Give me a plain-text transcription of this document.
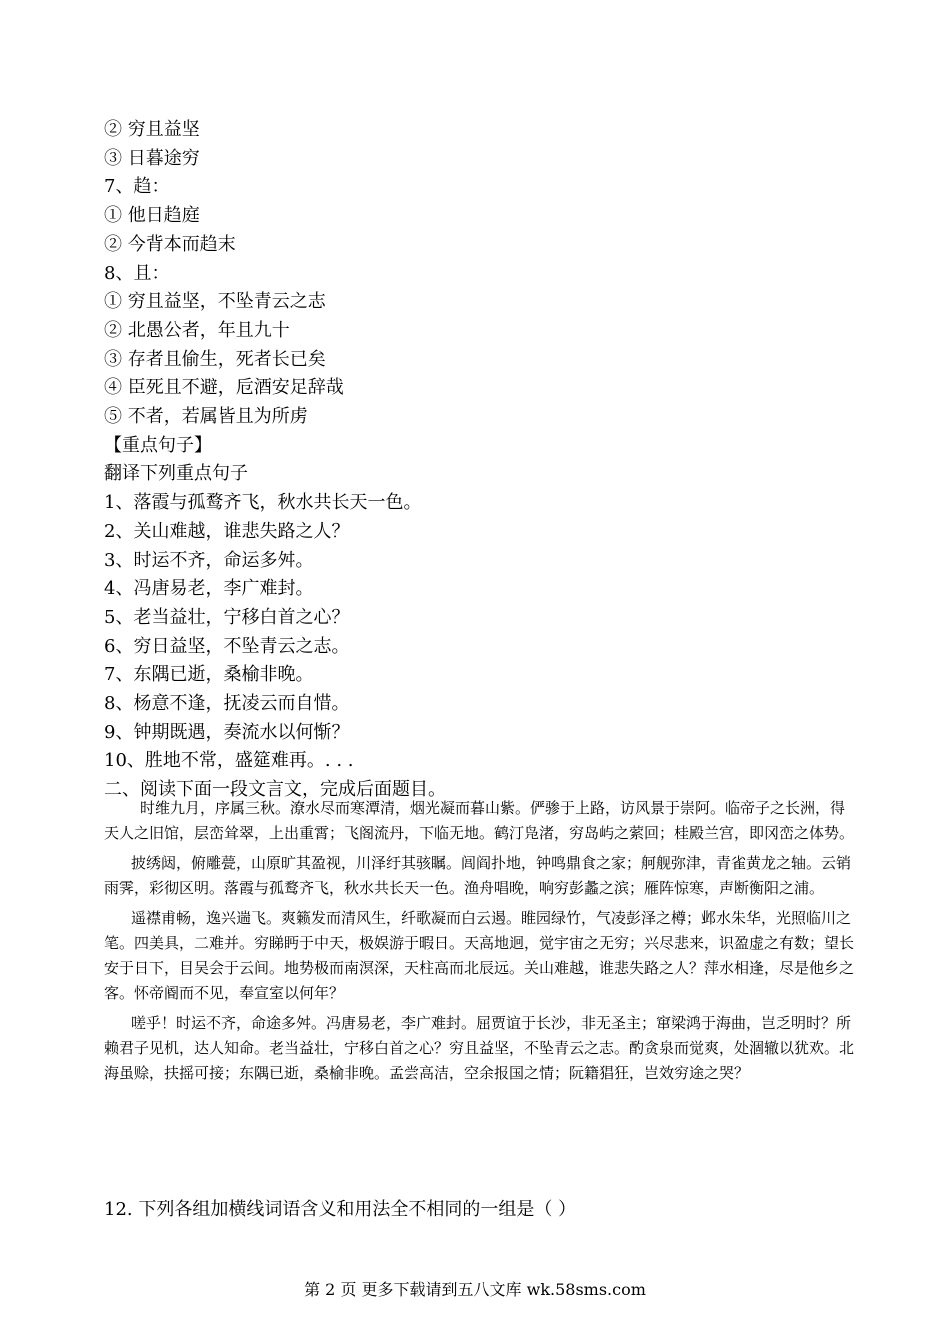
② 穷且益坚
③ 日暮途穷
7、趋：
① 他日趋庭
② 今背本而趋末
8、且：
① 穷且益坚，不坠青云之志
② 北愚公者，年且九十
③ 存者且偷生，死者长已矣
④ 臣死且不避，卮酒安足辞哉
⑤ 不者，若属皆且为所虏
【重点句子】
翻译下列重点句子
1、落霞与孤鹜齐飞，秋水共长天一色。
2、关山难越，谁悲失路之人？
3、时运不齐，命运多舛。
4、冯唐易老，李广难封。
5、老当益壮，宁移白首之心？
6、穷日益坚，不坠青云之志。
7、东隅已逝，桑榆非晚。
8、杨意不逢，抚凌云而自惜。
9、钟期既遇，奏流水以何惭？
10、胜地不常，盛筵难再。. . .
二、阅读下面一段文言文，完成后面题目。

时维九月，序属三秋。潦水尽而寒潭清，烟光凝而暮山紫。俨骖于上路，访风景于崇阿。临帝子之长洲，得天人之旧馆，层峦耸翠，上出重霄；飞阁流丹，下临无地。鹤汀凫渚，穷岛屿之萦回；桂殿兰宫，即冈峦之体势。

披绣闼，俯雕甍，山原旷其盈视，川泽纡其骇瞩。闾阎扑地，钟鸣鼎食之家；舸舰弥津，青雀黄龙之轴。云销雨霁，彩彻区明。落霞与孤鹜齐飞，秋水共长天一色。渔舟唱晚，响穷彭蠡之滨；雁阵惊寒，声断衡阳之浦。

遥襟甫畅，逸兴遄飞。爽籁发而清风生，纤歌凝而白云遏。睢园绿竹，气凌彭泽之樽；邺水朱华，光照临川之笔。四美具，二难并。穷睇眄于中天，极娱游于暇日。天高地迥，觉宇宙之无穷；兴尽悲来，识盈虚之有数；望长安于日下，目吴会于云间。地势极而南溟深，天柱高而北辰远。关山难越，谁悲失路之人？萍水相逢，尽是他乡之客。怀帝阍而不见，奉宣室以何年？

嗟乎！时运不齐，命途多舛。冯唐易老，李广难封。屈贾谊于长沙，非无圣主；窜梁鸿于海曲，岂乏明时？所赖君子见机，达人知命。老当益壮，宁移白首之心？穷且益坚，不坠青云之志。酌贪泉而觉爽，处涸辙以犹欢。北海虽赊，扶摇可接；东隅已逝，桑榆非晚。孟尝高洁，空余报国之情；阮籍猖狂，岂效穷途之哭？

12. 下列各组加横线词语含义和用法全不相同的一组是（ ）
第 2 页 更多下载请到五八文库 wk.58sms.com
